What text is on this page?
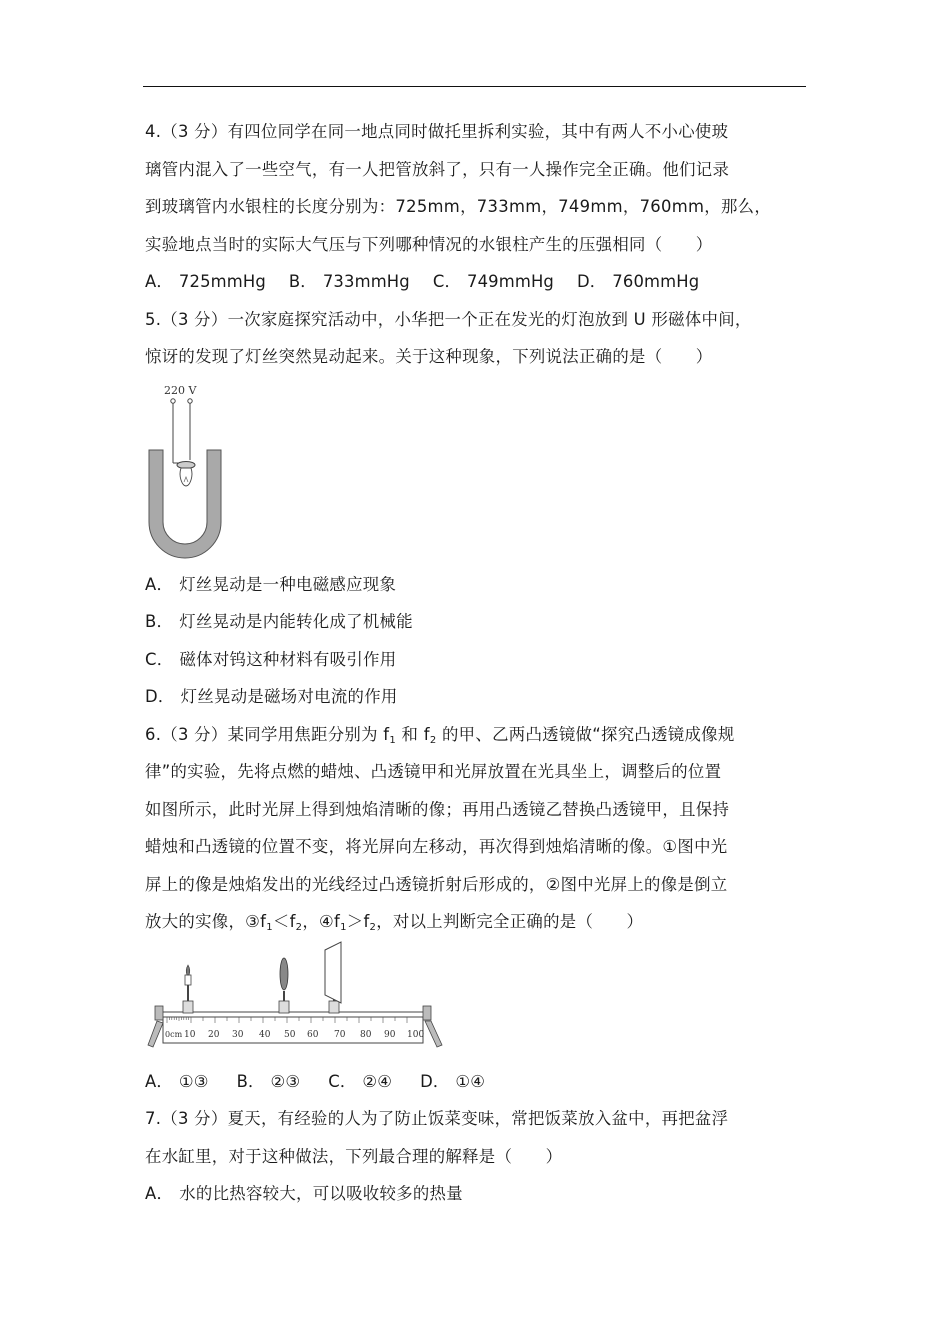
4.（3 分）有四位同学在同一地点同时做托里拆利实验，其中有两人不小心使玻
璃管内混入了一些空气，有一人把管放斜了，只有一人操作完全正确。他们记录
到玻璃管内水银柱的长度分别为：725mm，733mm，749mm，760mm，那么，
实验地点当时的实际大气压与下列哪种情况的水银柱产生的压强相同（　　）
A． 725mmHg B． 733mmHg C． 749mmHg D． 760mmHg
5.（3 分）一次家庭探究活动中，小华把一个正在发光的灯泡放到 U 形磁体中间，
惊讶的发现了灯丝突然晃动起来。关于这种现象，下列说法正确的是（　　）
220 V
A． 灯丝晃动是一种电磁感应现象
B． 灯丝晃动是内能转化成了机械能
C． 磁体对钨这种材料有吸引作用
D． 灯丝晃动是磁场对电流的作用
6.（3 分）某同学用焦距分别为 $f_1$ 和 $f_2$ 的甲、乙两凸透镜做“探究凸透镜成像规
律”的实验，先将点燃的蜡烛、凸透镜甲和光屏放置在光具坐上，调整后的位置
如图所示，此时光屏上得到烛焰清晰的像；再用凸透镜乙替换凸透镜甲，且保持
蜡烛和凸透镜的位置不变，将光屏向左移动，再次得到烛焰清晰的像。①图中光
屏上的像是烛焰发出的光线经过凸透镜折射后形成的，②图中光屏上的像是倒立
放大的实像，$③f_1<f_2$，$④f_1>f_2$，对以上判断完全正确的是（　　）
0cm 10 20 30 40 50 60 70 80 90 100
A． ①③ B． ②③ C． ②④ D． ①④
7.（3 分）夏天，有经验的人为了防止饭菜变味，常把饭菜放入盆中，再把盆浮
在水缸里，对于这种做法，下列最合理的解释是（　　）
A． 水的比热容较大，可以吸收较多的热量
